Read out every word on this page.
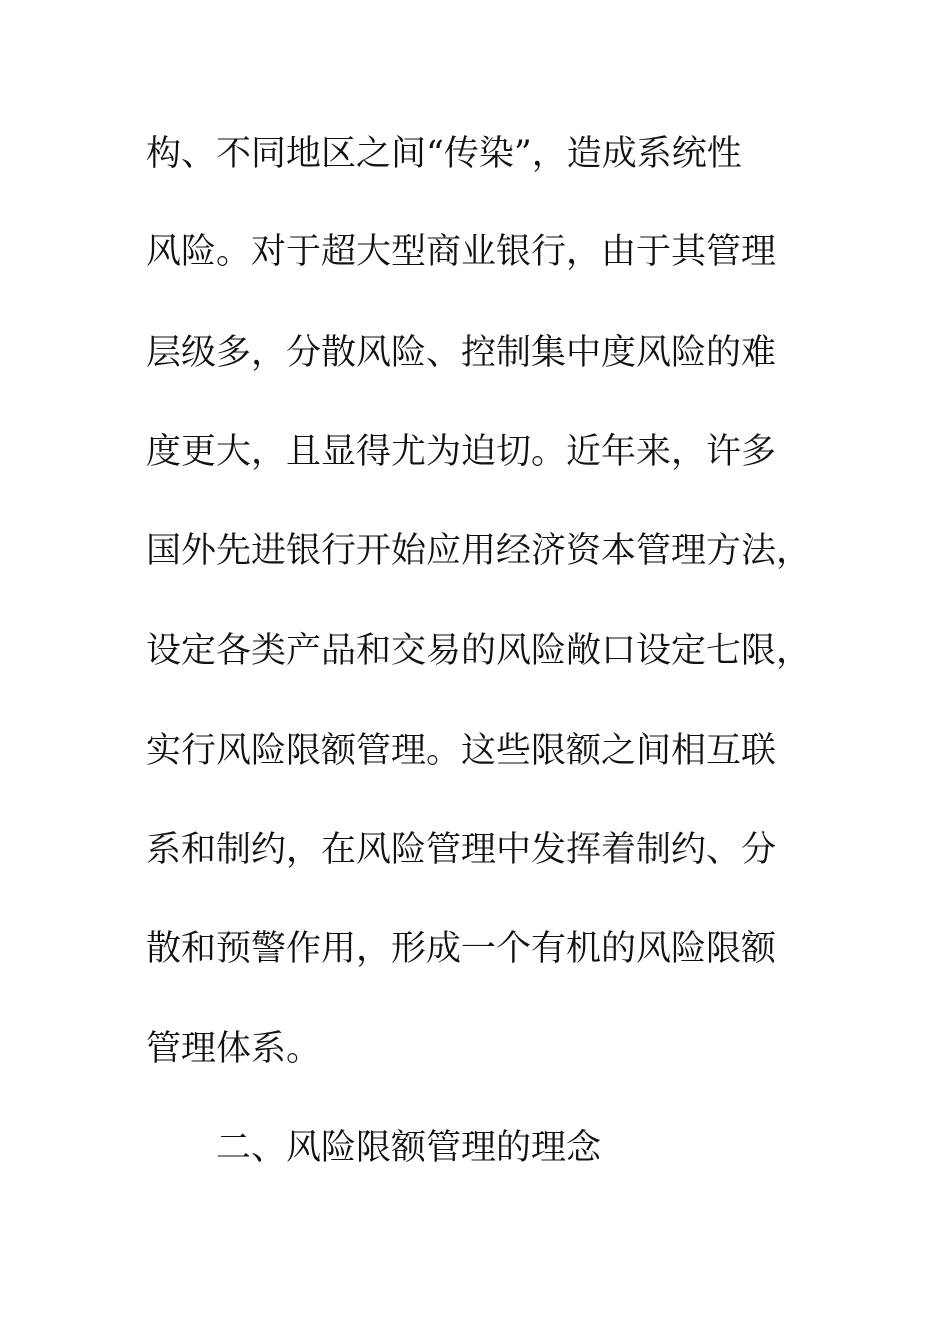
构、不同地区之间“传染”，造成系统性
风险。对于超大型商业银行，由于其管理
层级多，分散风险、控制集中度风险的难
度更大，且显得尤为迫切。近年来，许多
国外先进银行开始应用经济资本管理方法，
设定各类产品和交易的风险敞口设定七限，
实行风险限额管理。这些限额之间相互联
系和制约，在风险管理中发挥着制约、分
散和预警作用，形成一个有机的风险限额
管理体系。
二、风险限额管理的理念
